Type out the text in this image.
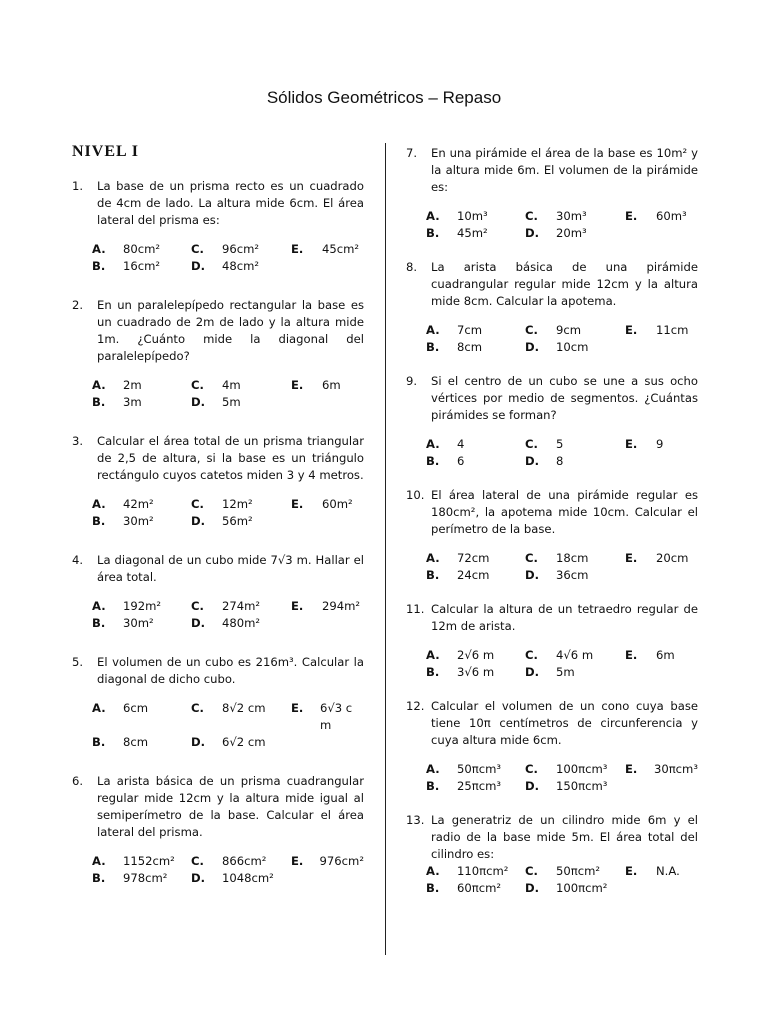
Sólidos Geométricos – Repaso
NIVEL I
1. La base de un prisma recto es un cuadrado de 4cm de lado. La altura mide 6cm. El área lateral del prisma es:
A.	80cm²	C.	96cm²	E.	45cm²
B.	16cm²	D.	48cm²
2. En un paralelepípedo rectangular la base es un cuadrado de 2m de lado y la altura mide 1m. ¿Cuánto mide la diagonal del paralelepípedo?
A.	2m	C.	4m	E.	6m
B.	3m	D.	5m
3. Calcular el área total de un prisma triangular de 2,5 de altura, si la base es un triángulo rectángulo cuyos catetos miden 3 y 4 metros.
A.	42m²	C.	12m²	E.	60m²
B.	30m²	D.	56m²
4. La diagonal de un cubo mide 7√3 m. Hallar el área total.
A.	192m²	C.	274m²	E.	294m²
B.	30m²	D.	480m²
5. El volumen de un cubo es 216m³. Calcular la diagonal de dicho cubo.
A.	6cm	C.	8√2 cm E.	6√3 c m
B.	8cm	D.	6√2 cm
6. La arista básica de un prisma cuadrangular regular mide 12cm y la altura mide igual al semiperímetro de la base. Calcular el área lateral del prisma.
A.	1152cm² C.	866cm² E.	976cm²
B.	978cm² D.	1048cm²
7. En una pirámide el área de la base es 10m² y la altura mide 6m. El volumen de la pirámide es:
A.	10m³	C.	30m³	E.	60m³
B.	45m²	D.	20m³
8. La arista básica de una pirámide cuadrangular regular mide 12cm y la altura mide 8cm. Calcular la apotema.
A.	7cm	C.	9cm	E.	11cm
B.	8cm	D.	10cm
9. Si el centro de un cubo se une a sus ocho vértices por medio de segmentos. ¿Cuántas pirámides se forman?
A.	4	C.	5	E.	9
B.	6	D.	8
10. El área lateral de una pirámide regular es 180cm², la apotema mide 10cm. Calcular el perímetro de la base.
A.	72cm	C.	18cm	E.	20cm
B.	24cm	D.	36cm
11. Calcular la altura de un tetraedro regular de 12m de arista.
A.	2√6 m	C.	4√6 m	E.	6m
B.	3√6 m	D.	5m
12. Calcular el volumen de un cono cuya base tiene 10π centímetros de circunferencia y cuya altura mide 6cm.
A.	50πcm³ C.	100πcm³ E.	30πcm³
B.	25πcm³ D.	150πcm³
13. La generatriz de un cilindro mide 6m y el radio de la base mide 5m. El área total del cilindro es:
A.	110πcm² C.	50πcm² E.	N.A.
B.	60πcm² D.	100πcm²
